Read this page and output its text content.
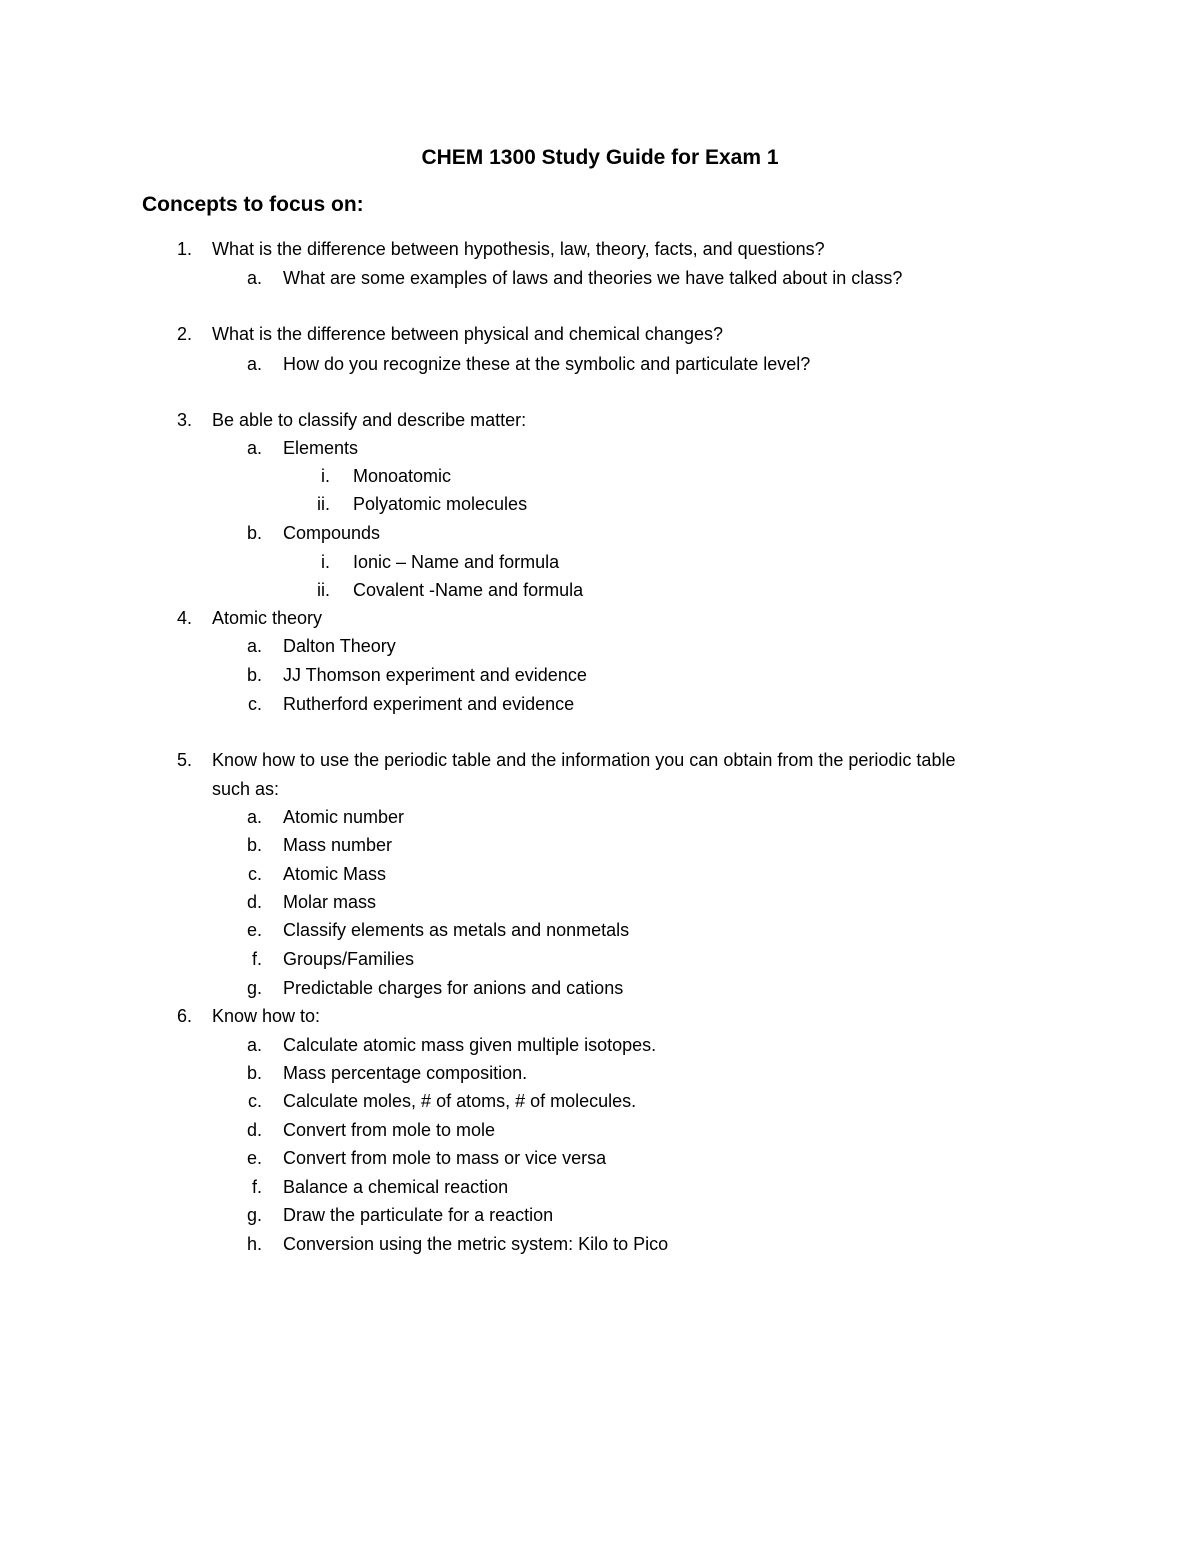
CHEM 1300 Study Guide for Exam 1
Concepts to focus on:
1. What is the difference between hypothesis, law, theory, facts, and questions?
a. What are some examples of laws and theories we have talked about in class?
2. What is the difference between physical and chemical changes?
a. How do you recognize these at the symbolic and particulate level?
3. Be able to classify and describe matter:
a. Elements
i. Monoatomic
ii. Polyatomic molecules
b. Compounds
i. Ionic – Name and formula
ii. Covalent -Name and formula
4. Atomic theory
a. Dalton Theory
b. JJ Thomson experiment and evidence
c. Rutherford experiment and evidence
5. Know how to use the periodic table and the information you can obtain from the periodic table
such as:
a. Atomic number
b. Mass number
c. Atomic Mass
d. Molar mass
e. Classify elements as metals and nonmetals
f. Groups/Families
g. Predictable charges for anions and cations
6. Know how to:
a. Calculate atomic mass given multiple isotopes.
b. Mass percentage composition.
c. Calculate moles, # of atoms, # of molecules.
d. Convert from mole to mole
e. Convert from mole to mass or vice versa
f. Balance a chemical reaction
g. Draw the particulate for a reaction
h. Conversion using the metric system: Kilo to Pico
